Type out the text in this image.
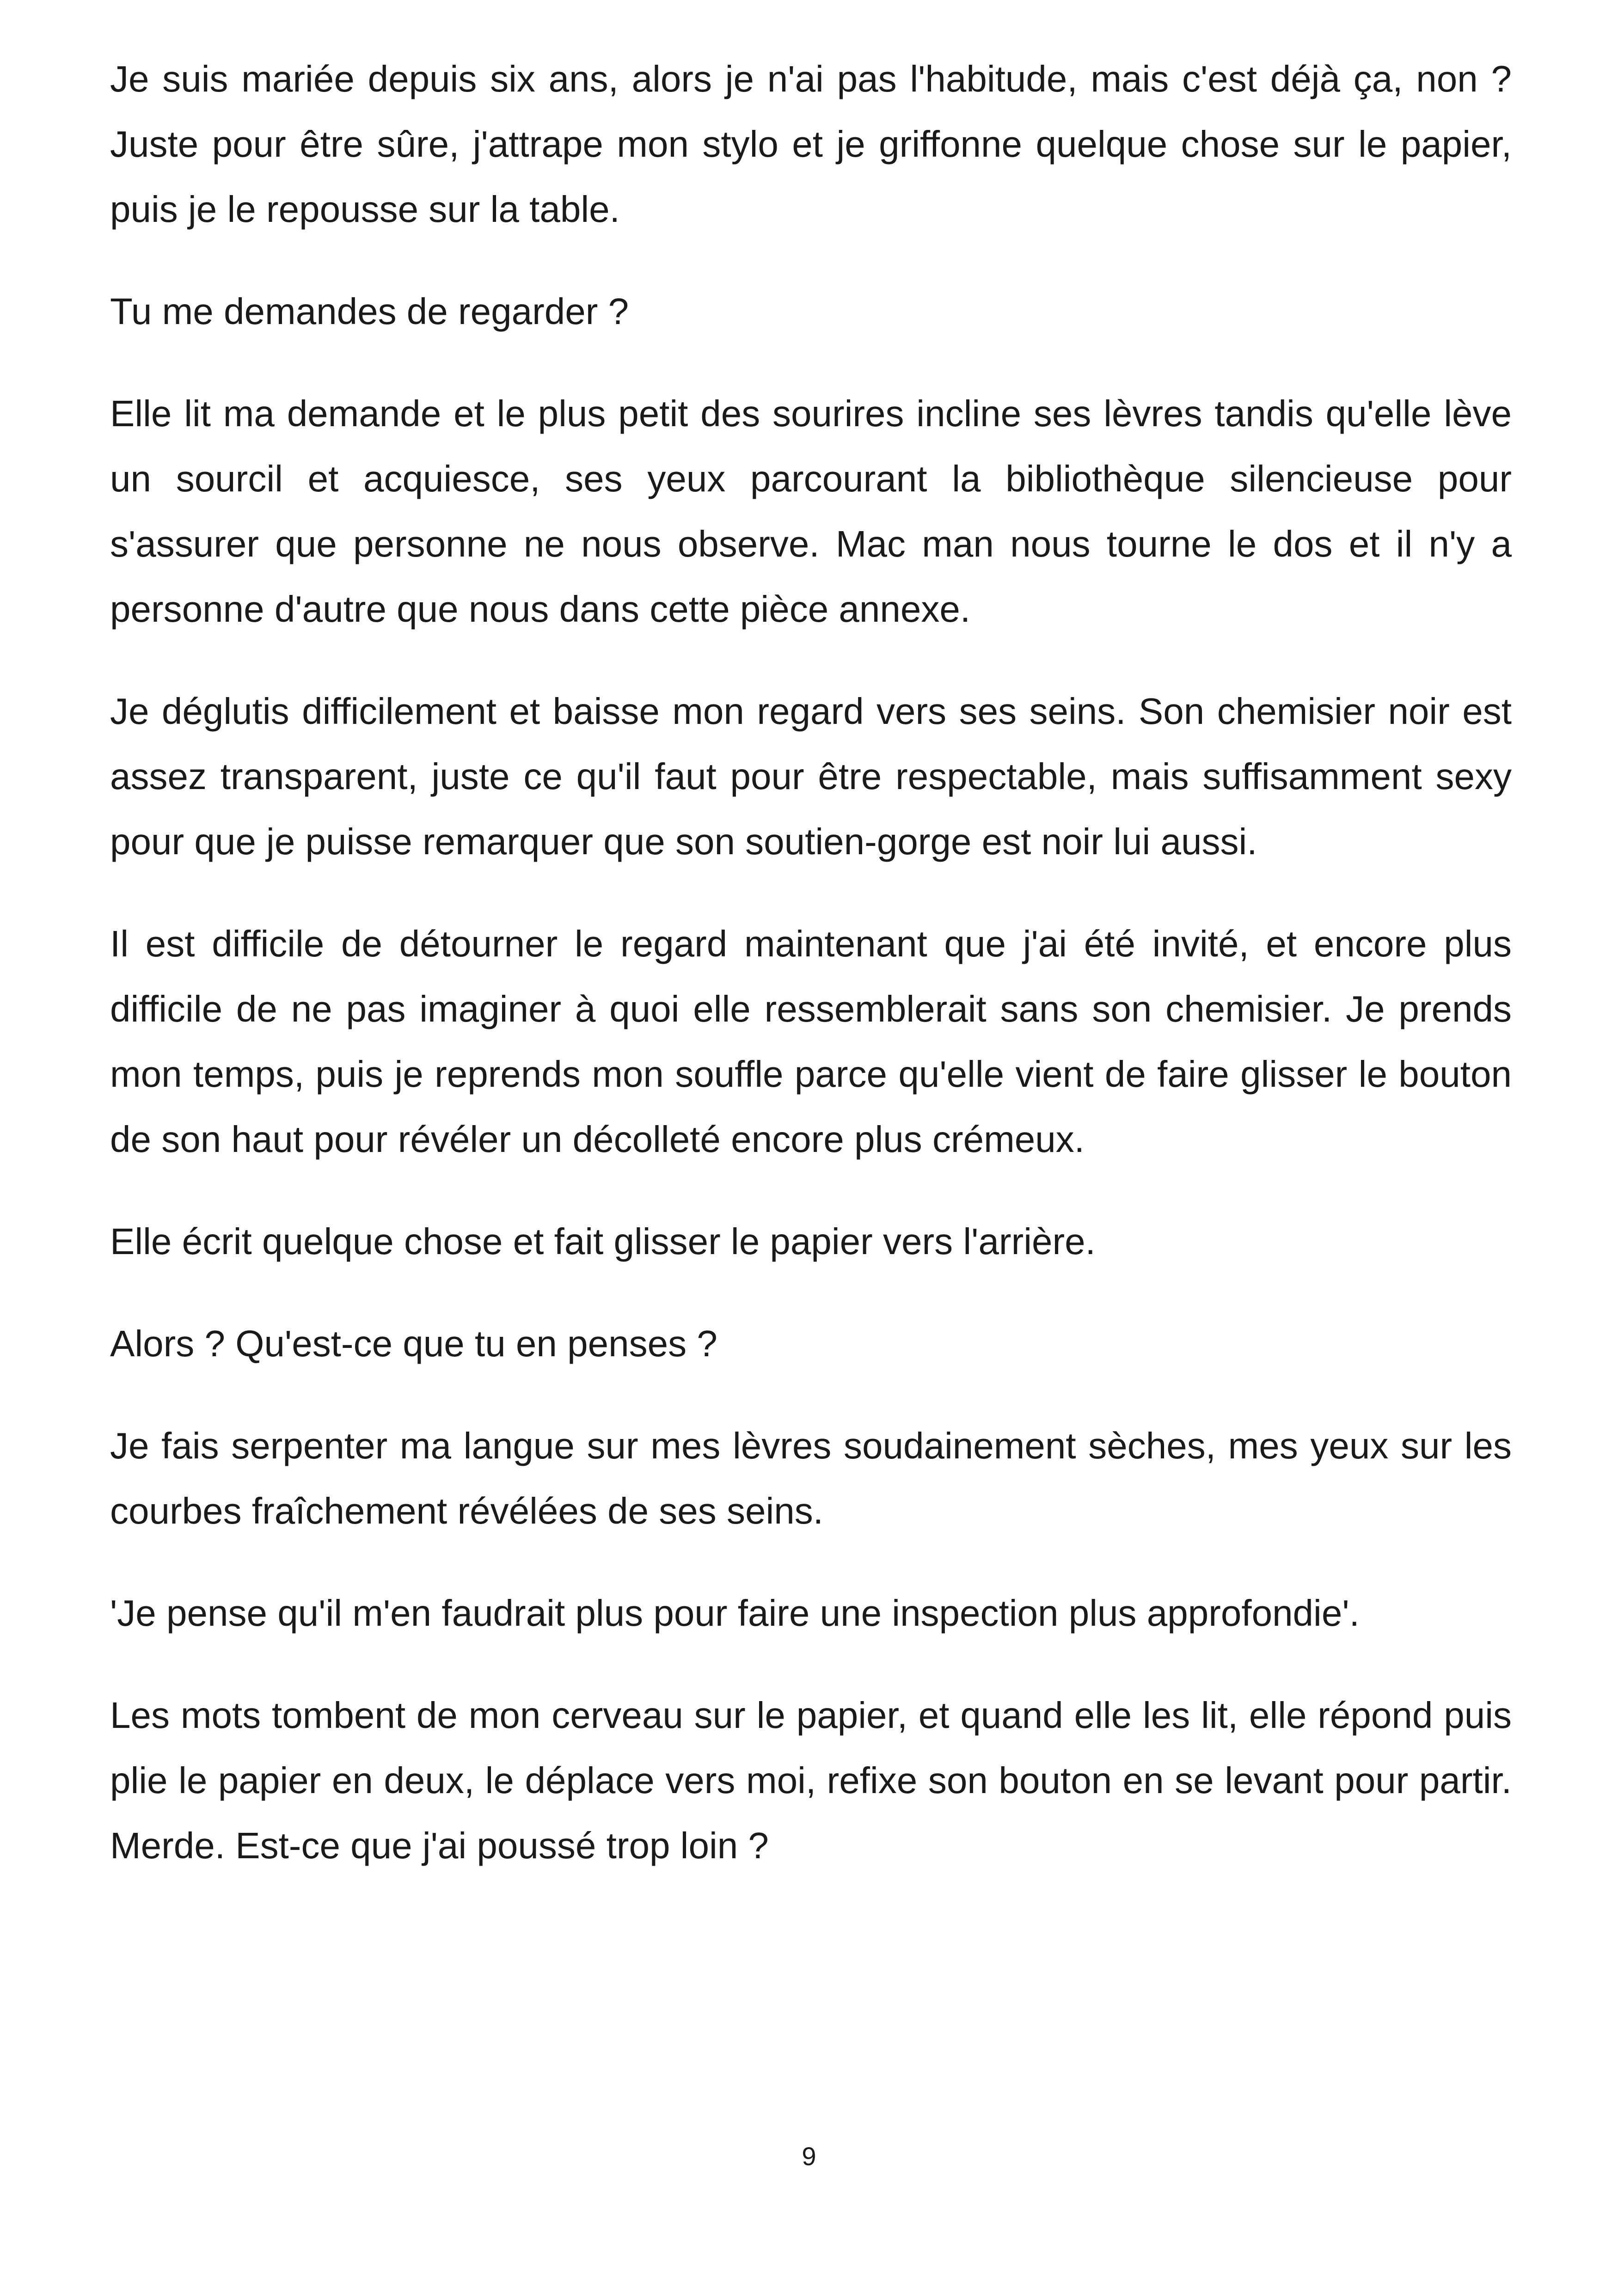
Je suis mariée depuis six ans, alors je n'ai pas l'habitude, mais c'est déjà ça, non ? Juste pour être sûre, j'attrape mon stylo et je griffonne quelque chose sur le papier, puis je le repousse sur la table.

Tu me demandes de regarder ?

Elle lit ma demande et le plus petit des sourires incline ses lèvres tandis qu'elle lève un sourcil et acquiesce, ses yeux parcourant la bibliothèque silencieuse pour s'assurer que personne ne nous observe. Mac man nous tourne le dos et il n'y a personne d'autre que nous dans cette pièce annexe.

Je déglutis difficilement et baisse mon regard vers ses seins. Son chemisier noir est assez transparent, juste ce qu'il faut pour être respectable, mais suffisamment sexy pour que je puisse remarquer que son soutien-gorge est noir lui aussi.

Il est difficile de détourner le regard maintenant que j'ai été invité, et encore plus difficile de ne pas imaginer à quoi elle ressemblerait sans son chemisier. Je prends mon temps, puis je reprends mon souffle parce qu'elle vient de faire glisser le bouton de son haut pour révéler un décolleté encore plus crémeux.

Elle écrit quelque chose et fait glisser le papier vers l'arrière.

Alors ? Qu'est-ce que tu en penses ?

Je fais serpenter ma langue sur mes lèvres soudainement sèches, mes yeux sur les courbes fraîchement révélées de ses seins.

'Je pense qu'il m'en faudrait plus pour faire une inspection plus approfondie'.

Les mots tombent de mon cerveau sur le papier, et quand elle les lit, elle répond puis plie le papier en deux, le déplace vers moi, refixe son bouton en se levant pour partir. Merde. Est-ce que j'ai poussé trop loin ?

9
